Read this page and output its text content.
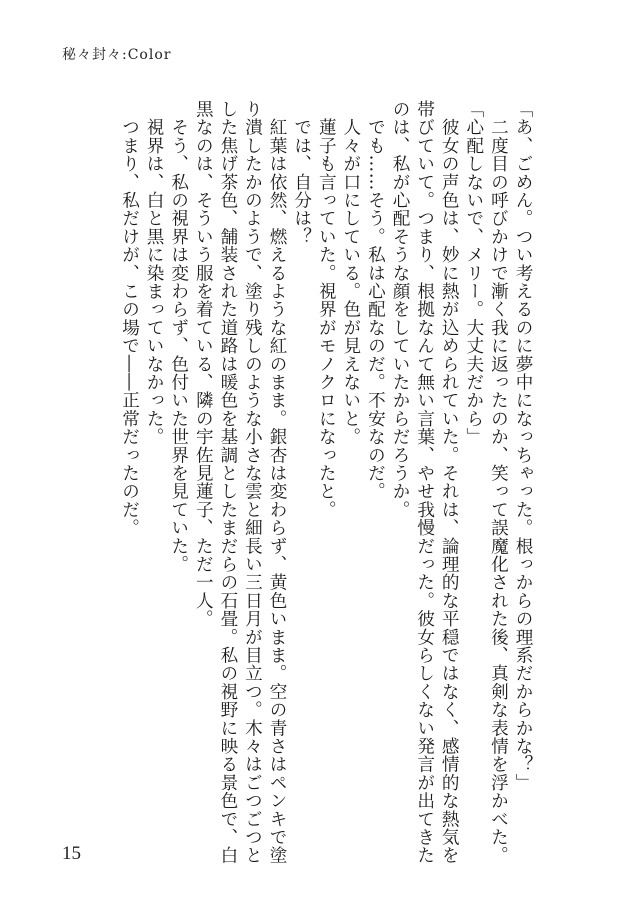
秘々封々:Color

「あ、ごめん。つい考えるのに夢中になっちゃった。根っからの理系だからかな？」

　二度目の呼びかけで漸く我に返ったのか、笑って誤魔化された後、真剣な表情を浮かべた。

「心配しないで、メリー。大丈夫だから」

　彼女の声色は、妙に熱が込められていた。それは、論理的な平穏ではなく、感情的な熱気を

帯びていて。つまり、根拠なんて無い言葉、やせ我慢だった。彼女らしくない発言が出てきた

のは、私が心配そうな顔をしていたからだろうか。

　でも……そう。私は心配なのだ。不安なのだ。

　人々が口にしている。色が見えないと。

　蓮子も言っていた。視界がモノクロになったと。

　では、自分は？

　紅葉は依然、燃えるような紅のまま。銀杏は変わらず、黄色いまま。空の青さはペンキで塗

り潰したかのようで、塗り残しのような小さな雲と細長い三日月が目立つ。木々はごつごつと

した焦げ茶色、舗装された道路は暖色を基調としたまだらの石畳。私の視野に映る景色で、白

黒なのは、そういう服を着ている、隣の宇佐見蓮子、ただ一人。

　そう、私の視界は変わらず、色付いた世界を見ていた。

　視界は、白と黒に染まっていなかった。

　つまり、私だけが、この場で――正常だったのだ。

15
